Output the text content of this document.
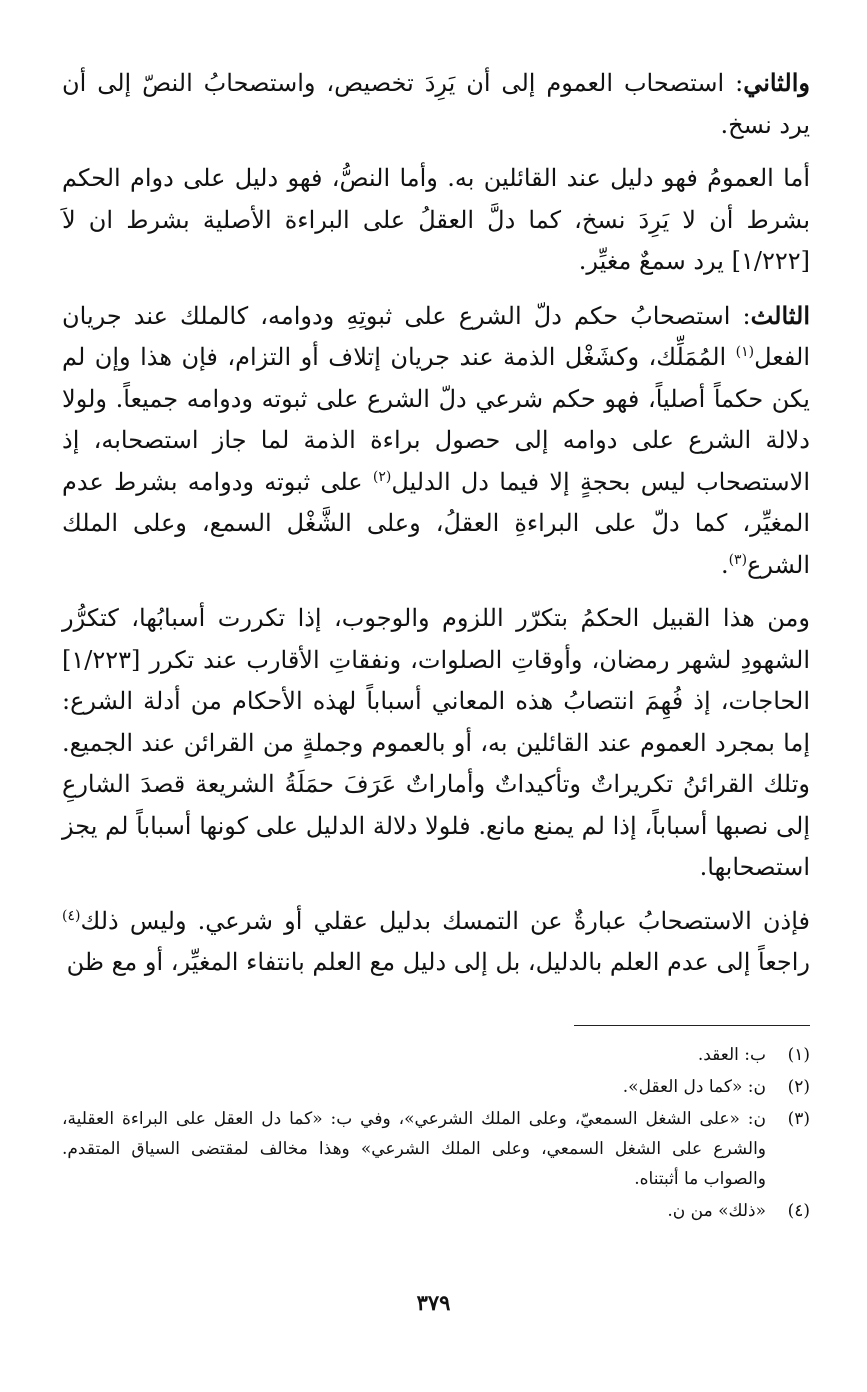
والثاني: استصحاب العموم إلى أن يَرِدَ تخصيص، واستصحابُ النصّ إلى أن يرد نسخ.

أما العمومُ فهو دليل عند القائلين به. وأما النصُّ، فهو دليل على دوام الحكم بشرط أن لا يَرِدَ نسخ، كما دلَّ العقلُ على البراءة الأصلية بشرط ان لاَ [١/٢٢٢] يرد سمعٌ مغيِّر.

الثالث: استصحابُ حكم دلّ الشرع على ثبوتِهِ ودوامه، كالملك عند جريان الفعل$^{(١)}$ المُمَلِّك، وكشَغْل الذمة عند جريان إتلاف أو التزام، فإن هذا وإن لم يكن حكماً أصلياً، فهو حكم شرعي دلّ الشرع على ثبوته ودوامه جميعاً. ولولا دلالة الشرع على دوامه إلى حصول براءة الذمة لما جاز استصحابه، إذ الاستصحاب ليس بحجةٍ إلا فيما دل الدليل$^{(٢)}$ على ثبوته ودوامه بشرط عدم المغيِّر، كما دلّ على البراءةِ العقلُ، وعلى الشَّغْل السمع، وعلى الملك الشرع$^{(٣)}$.

ومن هذا القبيل الحكمُ بتكرّر اللزوم والوجوب، إذا تكررت أسبابُها، كتكرُّر الشهودِ لشهر رمضان، وأوقاتِ الصلوات، ونفقاتِ الأقارب عند تكرر [١/٢٢٣] الحاجات، إذ فُهِمَ انتصابُ هذه المعاني أسباباً لهذه الأحكام من أدلة الشرع: إما بمجرد العموم عند القائلين به، أو بالعموم وجملةٍ من القرائن عند الجميع. وتلك القرائنُ تكريراتٌ وتأكيداتٌ وأماراتٌ عَرَفَ حمَلَةُ الشريعة قصدَ الشارعِ إلى نصبها أسباباً، إذا لم يمنع مانع. فلولا دلالة الدليل على كونها أسباباً لم يجز استصحابها.

فإذن الاستصحابُ عبارةٌ عن التمسك بدليل عقلي أو شرعي. وليس ذلك$^{(٤)}$ راجعاً إلى عدم العلم بالدليل، بل إلى دليل مع العلم بانتفاء المغيِّر، أو مع ظن

(١)
ب: العقد.
(٢)
ن: «كما دل العقل».
(٣)
ن: «على الشغل السمعيّ، وعلى الملك الشرعي»، وفي ب: «كما دل العقل على البراءة العقلية، والشرع على الشغل السمعي، وعلى الملك الشرعي» وهذا مخالف لمقتضى السياق المتقدم. والصواب ما أثبتناه.
(٤)
«ذلك» من ن.
٣٧٩
